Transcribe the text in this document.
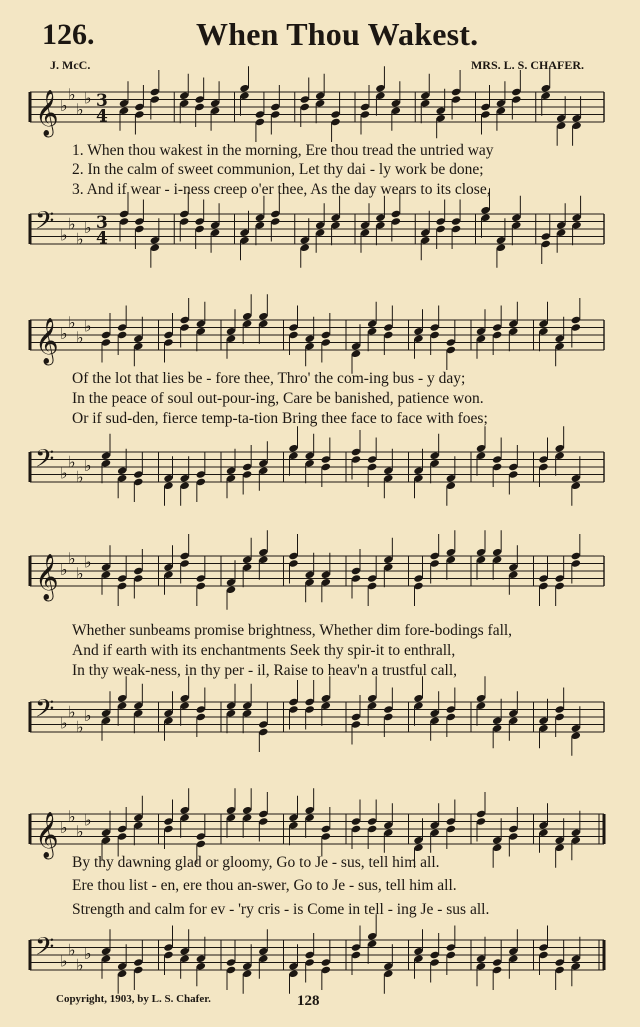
126.	When Thou Wakest.
J. McC.	MRS. L. S. CHAFER.
𝄞 ♭
♭
♭
♭ 3
4
1. When thou wakest in the morning, Ere thou tread the untried way
2. In the calm of sweet communion, Let thy dai - ly work be done;
3. And if wear - i-ness creep o'er thee, As the day wears to its close,
𝄢 ♭
♭
♭
♭ 3
4
𝄞 ♭
♭
♭
♭
Of the lot that lies be - fore thee, Thro' the com-ing bus - y day;
In the peace of soul out-pour-ing, Care be banished, patience won.
Or if sud-den, fierce temp-ta-tion Bring thee face to face with foes;
𝄢 ♭
♭
♭
♭
𝄞 ♭
♭
♭
♭
Whether sunbeams promise brightness, Whether dim fore-bodings fall,
And if earth with its enchantments Seek thy spir-it to enthrall,
In thy weak-ness, in thy per - il, Raise to heav'n a trustful call,
𝄢 ♭
♭
♭
♭
𝄞 ♭
♭
♭
♭
By thy dawning glad or gloomy, Go to Je - sus, tell him all.
Ere thou list - en, ere thou an-swer, Go to Je - sus, tell him all.
Strength and calm for ev - 'ry cris - is Come in tell - ing Je - sus all.
𝄢 ♭
♭
♭
♭
Copyright, 1903, by L. S. Chafer.	128
